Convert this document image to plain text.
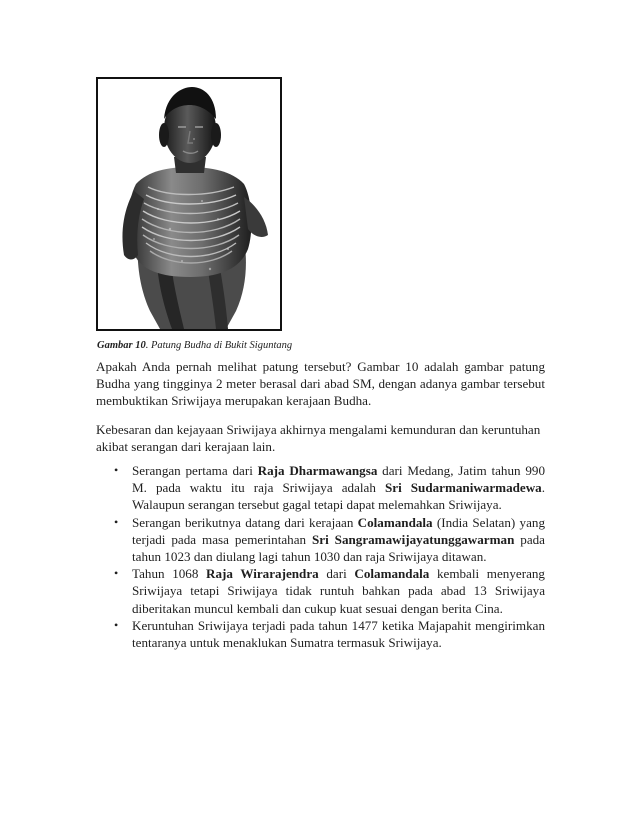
Gambar 10. Patung Budha di Bukit Siguntang

Apakah Anda pernah melihat patung tersebut? Gambar 10 adalah gambar patung Budha yang tingginya 2 meter berasal dari abad SM, dengan adanya gambar tersebut membuktikan Sriwijaya merupakan kerajaan Budha.

Kebesaran dan kejayaan Sriwijaya akhirnya mengalami kemunduran dan keruntuhan akibat serangan dari kerajaan lain.

• Serangan pertama dari Raja Dharmawangsa dari Medang, Jatim tahun 990 M. pada waktu itu raja Sriwijaya adalah Sri Sudarmaniwarmadewa. Walaupun serangan tersebut gagal tetapi dapat melemahkan Sriwijaya.
• Serangan berikutnya datang dari kerajaan Colamandala (India Selatan) yang terjadi pada masa pemerintahan Sri Sangramawijayatunggawarman pada tahun 1023 dan diulang lagi tahun 1030 dan raja Sriwijaya ditawan.
• Tahun 1068 Raja Wirarajendra dari Colamandala kembali menyerang Sriwijaya tetapi Sriwijaya tidak runtuh bahkan pada abad 13 Sriwijaya diberitakan muncul kembali dan cukup kuat sesuai dengan berita Cina.
• Keruntuhan Sriwijaya terjadi pada tahun 1477 ketika Majapahit mengirimkan tentaranya untuk menaklukan Sumatra termasuk Sriwijaya.
